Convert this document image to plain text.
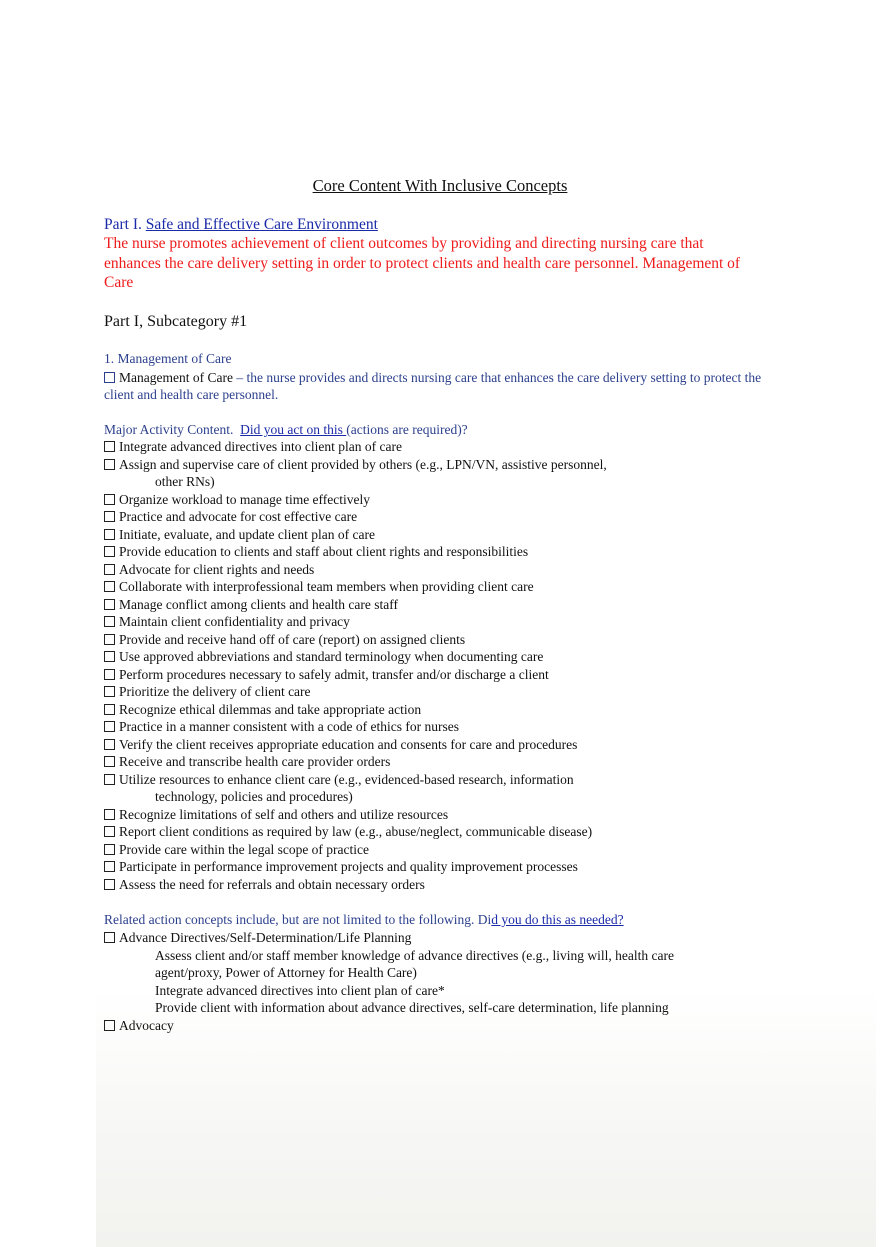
Core Content With Inclusive Concepts
Part I. Safe and Effective Care Environment
The nurse promotes achievement of client outcomes by providing and directing nursing care that enhances the care delivery setting in order to protect clients and health care personnel. Management of Care
Part I, Subcategory #1
1. Management of Care
Management of Care – the nurse provides and directs nursing care that enhances the care delivery setting to protect the client and health care personnel.
Major Activity Content. Did you act on this (actions are required)?
Integrate advanced directives into client plan of care
Assign and supervise care of client provided by others (e.g., LPN/VN, assistive personnel,
other RNs)
Organize workload to manage time effectively
Practice and advocate for cost effective care
Initiate, evaluate, and update client plan of care
Provide education to clients and staff about client rights and responsibilities
Advocate for client rights and needs
Collaborate with interprofessional team members when providing client care
Manage conflict among clients and health care staff
Maintain client confidentiality and privacy
Provide and receive hand off of care (report) on assigned clients
Use approved abbreviations and standard terminology when documenting care
Perform procedures necessary to safely admit, transfer and/or discharge a client
Prioritize the delivery of client care
Recognize ethical dilemmas and take appropriate action
Practice in a manner consistent with a code of ethics for nurses
Verify the client receives appropriate education and consents for care and procedures
Receive and transcribe health care provider orders
Utilize resources to enhance client care (e.g., evidenced-based research, information
technology, policies and procedures)
Recognize limitations of self and others and utilize resources
Report client conditions as required by law (e.g., abuse/neglect, communicable disease)
Provide care within the legal scope of practice
Participate in performance improvement projects and quality improvement processes
Assess the need for referrals and obtain necessary orders
Related action concepts include, but are not limited to the following. Did you do this as needed?
Advance Directives/Self-Determination/Life Planning
Assess client and/or staff member knowledge of advance directives (e.g., living will, health care
agent/proxy, Power of Attorney for Health Care)
Integrate advanced directives into client plan of care*
Provide client with information about advance directives, self-care determination, life planning
Advocacy
